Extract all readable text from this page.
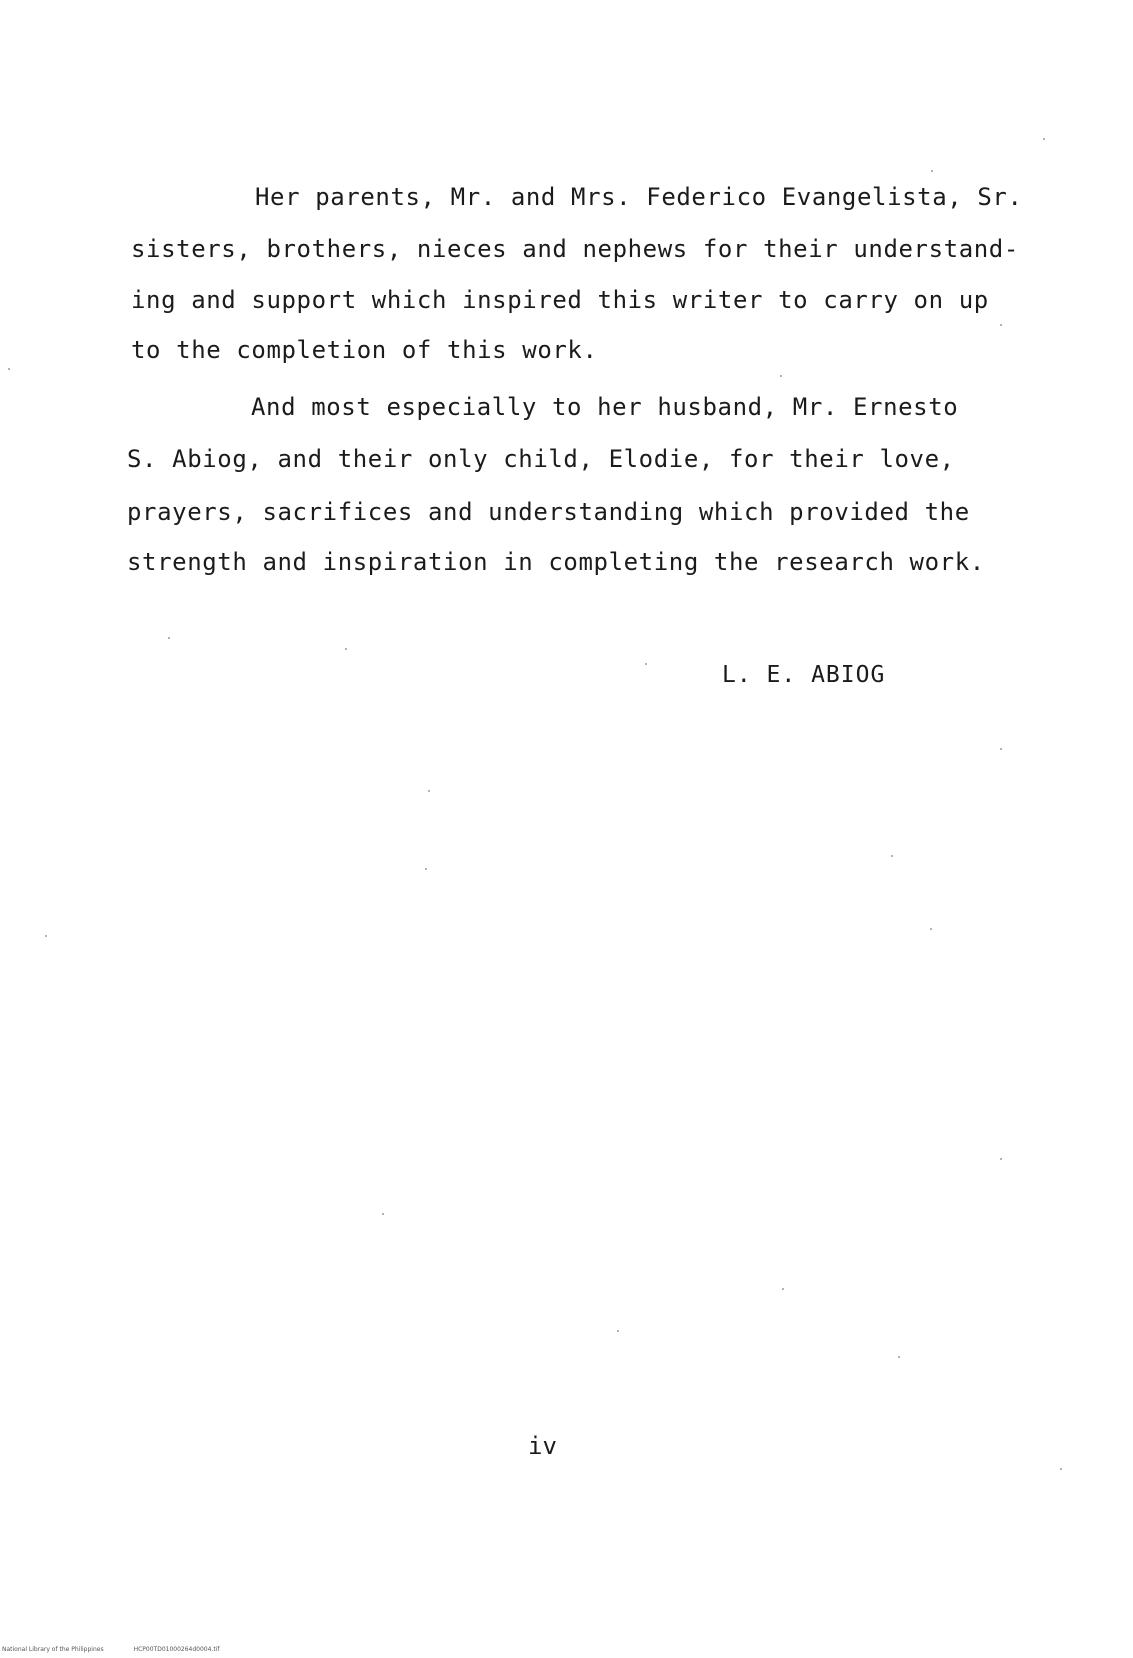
Her parents, Mr. and Mrs. Federico Evangelista, Sr.
sisters, brothers, nieces and nephews for their understand-
ing and support which inspired this writer to carry on up
to the completion of this work.
And most especially to her husband, Mr. Ernesto
S. Abiog, and their only child, Elodie, for their love,
prayers, sacrifices and understanding which provided the
strength and inspiration in completing the research work.
L. E. ABIOG
iv
National Library of the Philippines	HCP00TD01000264d0004.tif
